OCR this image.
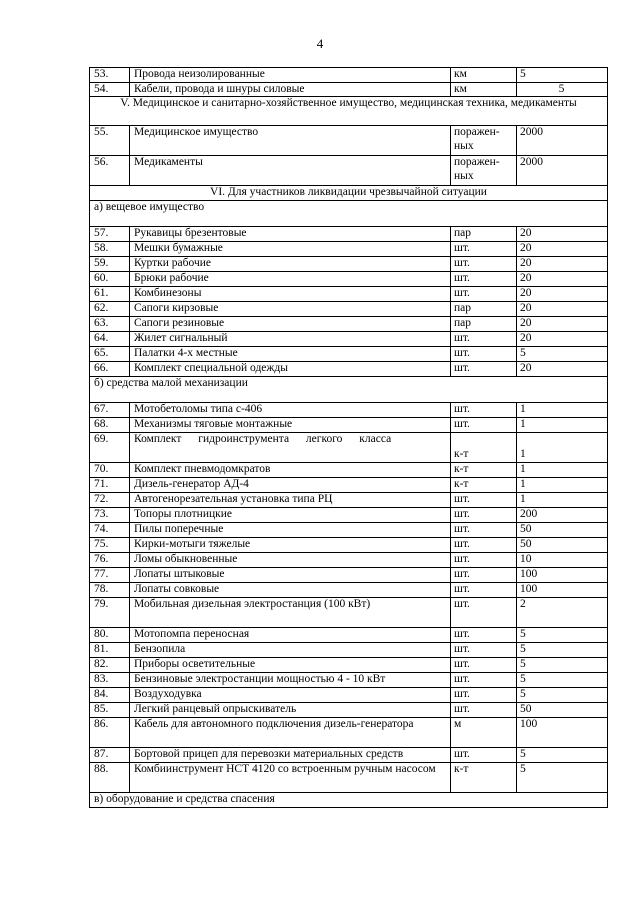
4
53.	Провода неизолированные	км	5
54.	Кабели, провода и шнуры силовые	км	5
V. Медицинское и санитарно-хозяйственное имущество, медицинская техника, медикаменты			
55.	Медицинское имущество	поражен-ных	2000
56.	Медикаменты	поражен-ных	2000
VI. Для участников ликвидации чрезвычайной ситуации			
а) вещевое имущество			
57.	Рукавицы брезентовые	пар	20
58.	Мешки бумажные	шт.	20
59.	Куртки рабочие	шт.	20
60.	Брюки рабочие	шт.	20
61.	Комбинезоны	шт.	20
62.	Сапоги кирзовые	пар	20
63.	Сапоги резиновые	пар	20
64.	Жилет сигнальный	шт.	20
65.	Палатки 4-х местные	шт.	5
66.	Комплект специальной одежды	шт.	20
б) средства малой механизации			
67.	Мотобетоломы типа с-406	шт.	1
68.	Механизмы тяговые монтажные	шт.	1
69.	Комплект гидроинструмента легкого класса	к-т	1
70.	Комплект пневмодомкратов	к-т	1
71.	Дизель-генератор АД-4	к-т	1
72.	Автогенорезательная установка типа РЦ	шт.	1
73.	Топоры плотницкие	шт.	200
74.	Пилы поперечные	шт.	50
75.	Кирки-мотыги тяжелые	шт.	50
76.	Ломы обыкновенные	шт.	10
77.	Лопаты штыковые	шт.	100
78.	Лопаты совковые	шт.	100
79.	Мобильная дизельная электростанция (100 кВт)	шт.	2
80.	Мотопомпа переносная	шт.	5
81.	Бензопила	шт.	5
82.	Приборы осветительные	шт.	5
83.	Бензиновые электростанции мощностью 4 - 10 кВт	шт.	5
84.	Воздуходувка	шт.	5
85.	Легкий ранцевый опрыскиватель	шт.	50
86.	Кабель для автономного подключения дизель-генератора	м	100
87.	Бортовой прицеп для перевозки материальных средств	шт.	5
88.	Комбиинструмент НСТ 4120 со встроенным ручным насосом	к-т	5
в) оборудование и средства спасения			
